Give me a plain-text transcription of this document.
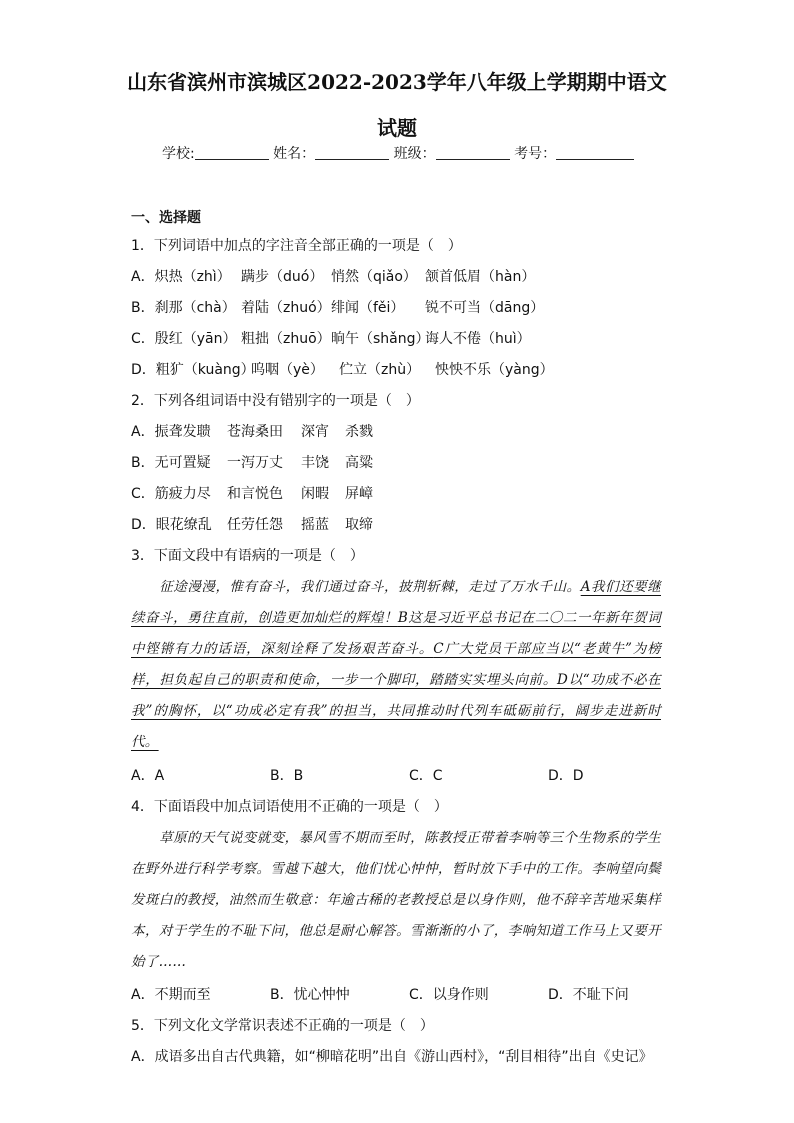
山东省滨州市滨城区2022-2023学年八年级上学期期中语文
试题
学校:	姓名：	班级：	考号：
一、选择题
1．下列词语中加点的字注音全部正确的一项是（　）
A．炽热（zhì） 蹒步（duó） 悄然（qiǎo） 颔首低眉（hàn）
B．刹那（chà） 着陆（zhuó）绯闻（fěi） 锐不可当（dāng）
C．殷红（yān） 粗拙（zhuō）晌午（shǎng）诲人不倦（huì）
D．粗犷（kuàng）呜咽（yè） 伫立（zhù） 怏怏不乐（yàng）
2．下列各组词语中没有错别字的一项是（　）
A．振聋发聩 苍海桑田 深宵 杀戮
B．无可置疑 一泻万丈 丰饶 高粱
C．筋疲力尽 和言悦色 闲暇 屏嶂
D．眼花缭乱 任劳任怨 摇蓝 取缔
3．下面文段中有语病的一项是（　）
征途漫漫，惟有奋斗，我们通过奋斗，披荆斩棘，走过了万水千山。A我们还要继续奋斗，勇往直前，创造更加灿烂的辉煌！B这是习近平总书记在二〇二一年新年贺词中铿锵有力的话语，深刻诠释了发扬艰苦奋斗。C广大党员干部应当以“老黄牛”为榜样，担负起自己的职责和使命，一步一个脚印，踏踏实实埋头向前。D以“功成不必在我”的胸怀，以“功成必定有我”的担当，共同推动时代列车砥砺前行，阔步走进新时代。
A．A	B．B	C．C	D．D
4．下面语段中加点词语使用不正确的一项是（　）
草原的天气说变就变，暴风雪不期而至时，陈教授正带着李响等三个生物系的学生在野外进行科学考察。雪越下越大，他们忧心忡忡，暂时放下手中的工作。李响望向鬓发斑白的教授，油然而生敬意：年逾古稀的老教授总是以身作则，他不辞辛苦地采集样本，对于学生的不耻下问，他总是耐心解答。雪渐渐的小了，李响知道工作马上又要开始了……
A．不期而至	B．忧心忡忡	C．以身作则	D．不耻下问
5．下列文化文学常识表述不正确的一项是（　）
A．成语多出自古代典籍，如“柳暗花明”出自《游山西村》，“刮目相待”出自《史记》
